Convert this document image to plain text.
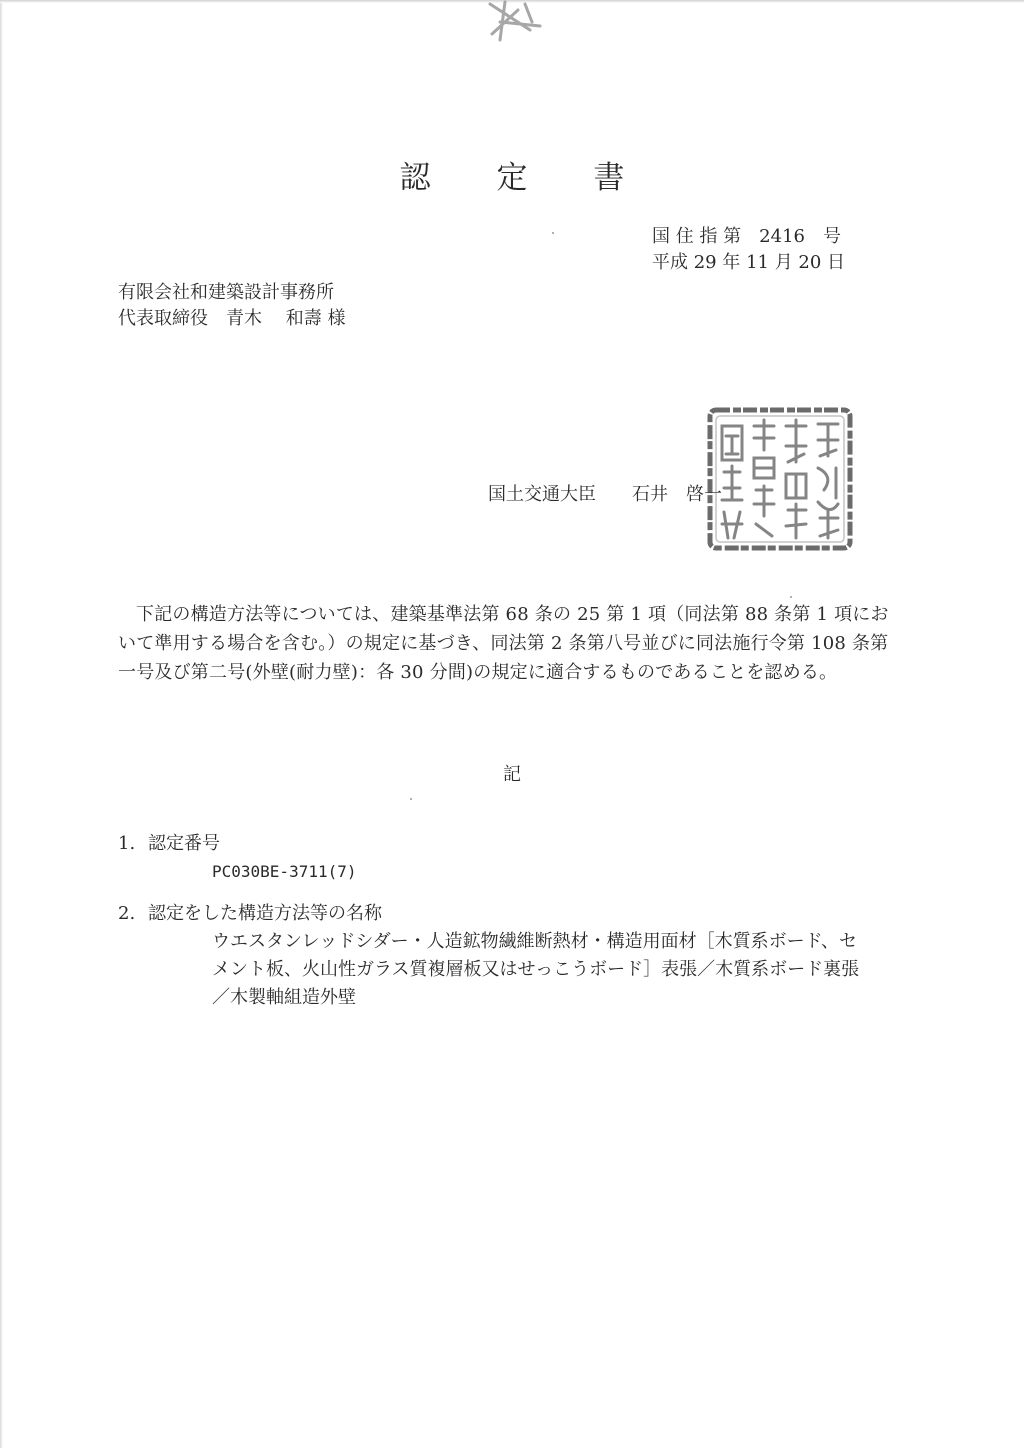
認 定 書
国 住 指 第　2416　号
平成 29 年 11 月 20 日
有限会社和建築設計事務所
代表取締役　青木　 和壽 様
国土交通大臣　　石井　啓一
下記の構造方法等については、建築基準法第 68 条の 25 第 1 項（同法第 88 条第 1 項において準用する場合を含む。）の規定に基づき、同法第 2 条第八号並びに同法施行令第 108 条第一号及び第二号(外壁(耐力壁)：各 30 分間)の規定に適合するものであることを認める。
記
1. 認定番号
PC030BE-3711(7)
2. 認定をした構造方法等の名称
ウエスタンレッドシダー・人造鉱物繊維断熱材・構造用面材［木質系ボード、セメント板、火山性ガラス質複層板又はせっこうボード］表張／木質系ボード裏張／木製軸組造外壁
